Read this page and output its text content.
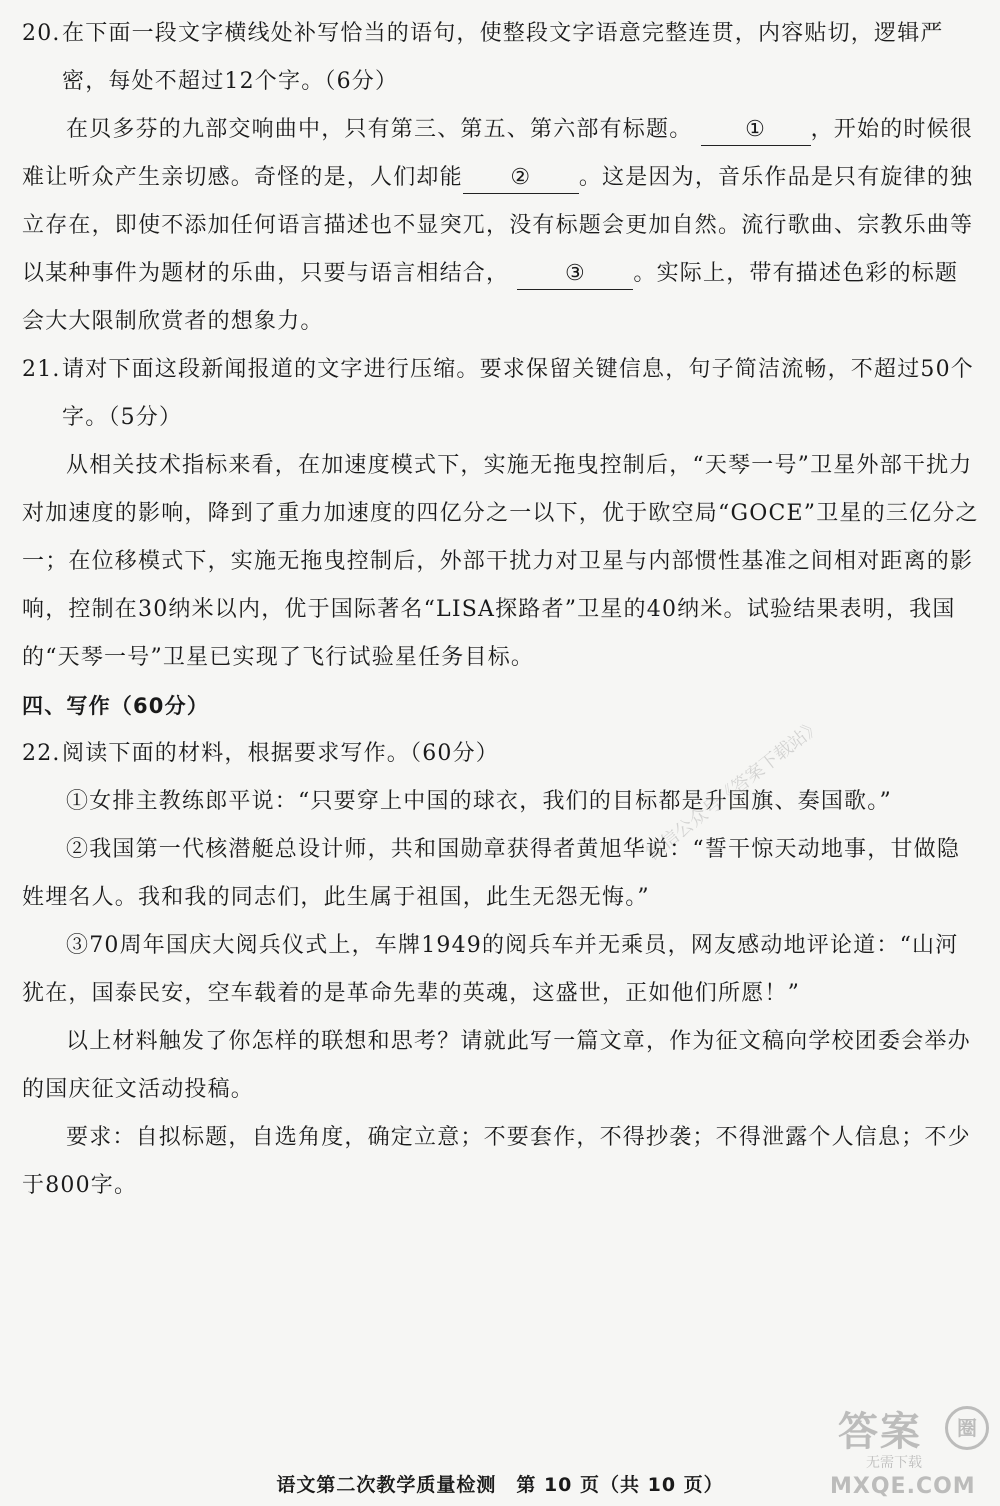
20.在下面一段文字横线处补写恰当的语句，使整段文字语意完整连贯，内容贴切，逻辑严密，每处不超过12个字。（6分）

在贝多芬的九部交响曲中，只有第三、第五、第六部有标题。 ① ，开始的时候很难让听众产生亲切感。奇怪的是，人们却能 ② 。这是因为，音乐作品是只有旋律的独立存在，即使不添加任何语言描述也不显突兀，没有标题会更加自然。流行歌曲、宗教乐曲等以某种事件为题材的乐曲，只要与语言相结合，	③ 。实际上，带有描述色彩的标题会大大限制欣赏者的想象力。

21.请对下面这段新闻报道的文字进行压缩。要求保留关键信息，句子简洁流畅，不超过50个字。（5分）

从相关技术指标来看，在加速度模式下，实施无拖曳控制后，“天琴一号”卫星外部干扰力对加速度的影响，降到了重力加速度的四亿分之一以下，优于欧空局“GOCE”卫星的三亿分之一；在位移模式下，实施无拖曳控制后，外部干扰力对卫星与内部惯性基准之间相对距离的影响，控制在30纳米以内，优于国际著名“LISA探路者”卫星的40纳米。试验结果表明，我国的“天琴一号”卫星已实现了飞行试验星任务目标。

四、写作（60分）

22.阅读下面的材料，根据要求写作。（60分）

①女排主教练郎平说：“只要穿上中国的球衣，我们的目标都是升国旗、奏国歌。”

②我国第一代核潜艇总设计师，共和国勋章获得者黄旭华说：“誓干惊天动地事，甘做隐姓埋名人。我和我的同志们，此生属于祖国，此生无怨无悔。”

③70周年国庆大阅兵仪式上，车牌1949的阅兵车并无乘员，网友感动地评论道：“山河犹在，国泰民安，空车载着的是革命先辈的英魂，这盛世，正如他们所愿！”

以上材料触发了你怎样的联想和思考？请就此写一篇文章，作为征文稿向学校团委会举办的国庆征文活动投稿。

要求：自拟标题，自选角度，确定立意；不要套作，不得抄袭；不得泄露个人信息；不少于800字。

微信公众号《答案下载站》
答案	圈
无需下载
MXQE.COM
语文第二次教学质量检测　第 10 页（共 10 页）
